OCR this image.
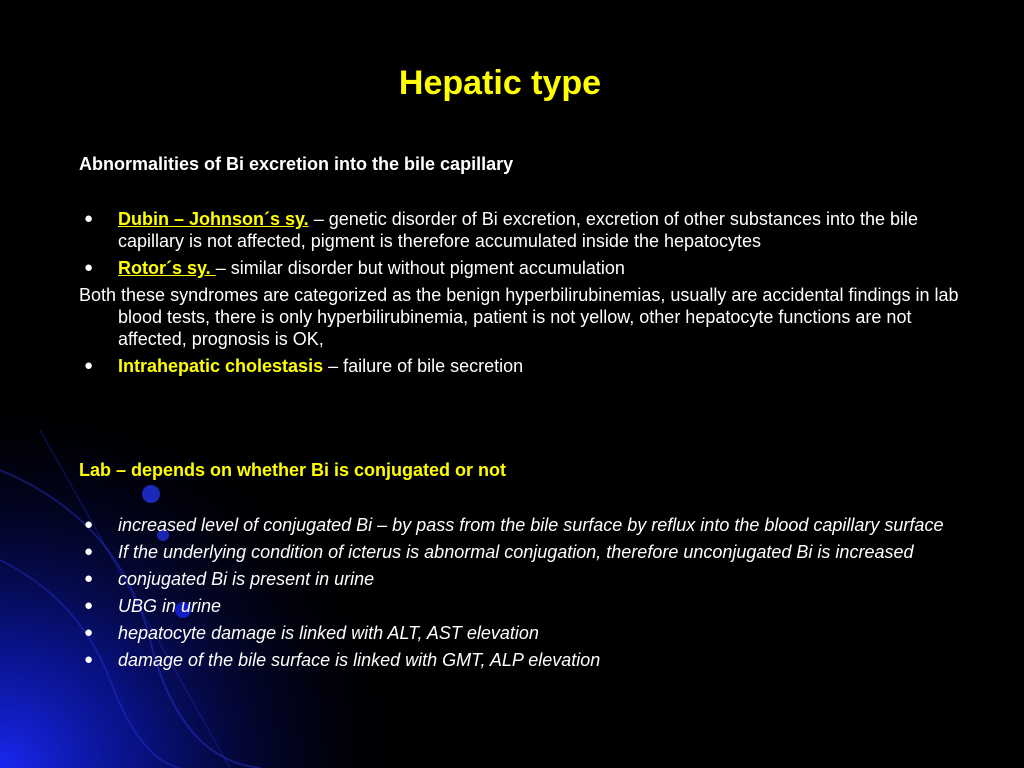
Hepatic type
Abnormalities of Bi excretion into the bile capillary
● Dubin – Johnson´s sy. – genetic disorder of Bi excretion, excretion of other substances into the bile capillary is not affected, pigment is therefore accumulated inside the hepatocytes
● Rotor´s sy. – similar disorder but without pigment accumulation
Both these syndromes are categorized as the benign hyperbilirubinemias, usually are accidental findings in lab blood tests, there is only hyperbilirubinemia, patient is not yellow, other hepatocyte functions are not affected, prognosis is OK,
● Intrahepatic cholestasis – failure of bile secretion
Lab – depends on whether Bi is conjugated or not
● increased level of conjugated Bi – by pass from the bile surface by reflux into the blood capillary surface
● If the underlying condition of icterus is abnormal conjugation, therefore unconjugated Bi is increased
● conjugated Bi is present in urine
● UBG in urine
● hepatocyte damage is linked with ALT, AST elevation
● damage of the bile surface is linked with GMT, ALP elevation
